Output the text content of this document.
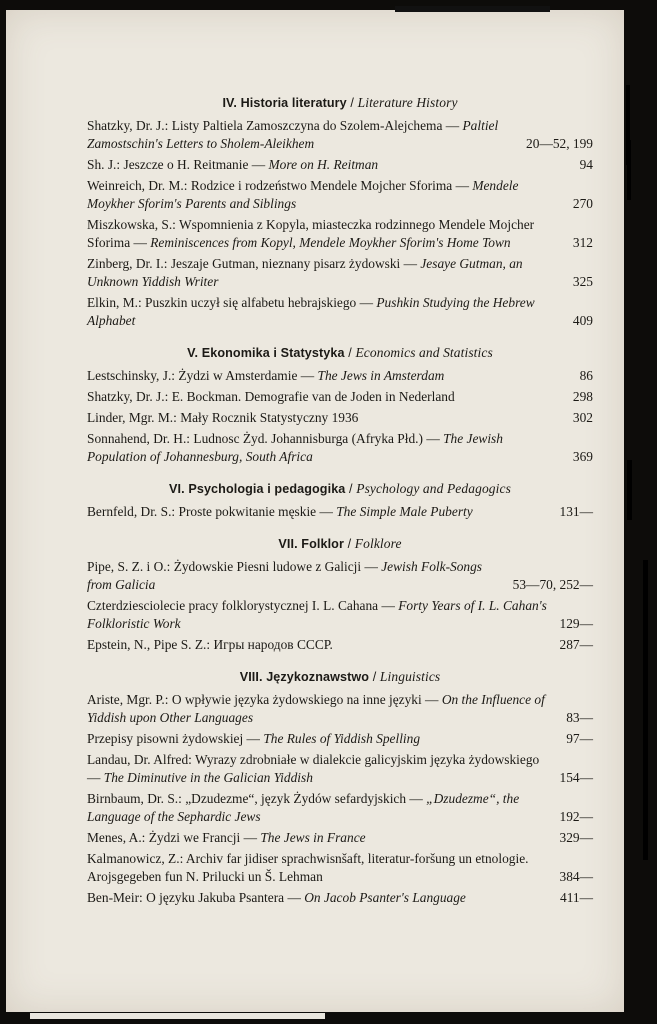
IV. Historia literatury / Literature History
Shatzky, Dr. J.: Listy Paltiela Zamoszczyna do Szolem-Alejchema — Paltiel Zamostschin's Letters to Sholem-Aleikhem	20—52, 199
Sh. J.: Jeszcze o H. Reitmanie — More on H. Reitman	94
Weinreich, Dr. M.: Rodzice i rodzeństwo Mendele Mojcher Sforima — Mendele Moykher Sforim's Parents and Siblings	270
Miszkowska, S.: Wspomnienia z Kopyla, miasteczka rodzinnego Mendele Mojcher Sforima — Reminiscences from Kopyl, Mendele Moykher Sforim's Home Town	312
Zinberg, Dr. I.: Jeszaje Gutman, nieznany pisarz żydowski — Jesaye Gutman, an Unknown Yiddish Writer	325
Elkin, M.: Puszkin uczył się alfabetu hebrajskiego — Pushkin Studying the Hebrew Alphabet	409
V. Ekonomika i Statystyka / Economics and Statistics
Lestschinsky, J.: Żydzi w Amsterdamie — The Jews in Amsterdam	86
Shatzky, Dr. J.: E. Bockman. Demografie van de Joden in Nederland	298
Linder, Mgr. M.: Mały Rocznik Statystyczny 1936	302
Sonnahend, Dr. H.: Ludnosc Żyd. Johannisburga (Afryka Płd.) — The Jewish Population of Johannesburg, South Africa	369
VI. Psychologia i pedagogika / Psychology and Pedagogics
Bernfeld, Dr. S.: Proste pokwitanie męskie — The Simple Male Puberty	131—
VII. Folklor / Folklore
Pipe, S. Z. i O.: Żydowskie Piesni ludowe z Galicji — Jewish Folk-Songs from Galicia	53—70, 252—
Czterdziesciolecie pracy folklorystycznej I. L. Cahana — Forty Years of I. L. Cahan's Folkloristic Work	129—
Epstein, N., Pipe S. Z.: Игры народов СССР.	287—
VIII. Językoznawstwo / Linguistics
Ariste, Mgr. P.: O wpływie języka żydowskiego na inne języki — On the Influence of Yiddish upon Other Languages	83—
Przepisy pisowni żydowskiej — The Rules of Yiddish Spelling	97—
Landau, Dr. Alfred: Wyrazy zdrobniałe w dialekcie galicyjskim języka żydowskiego — The Diminutive in the Galician Yiddish	154—
Birnbaum, Dr. S.: „Dzudezme“, język Żydów sefardyjskich — „Dzudezme“, the Language of the Sephardic Jews	192—
Menes, A.: Żydzi we Francji — The Jews in France	329—
Kalmanowicz, Z.: Archiv far jidiser sprachwisnšaft, literatur-foršung un etnologie. Arojsgegeben fun N. Prilucki un Š. Lehman	384—
Ben-Meir: O języku Jakuba Psantera — On Jacob Psanter's Language	411—
